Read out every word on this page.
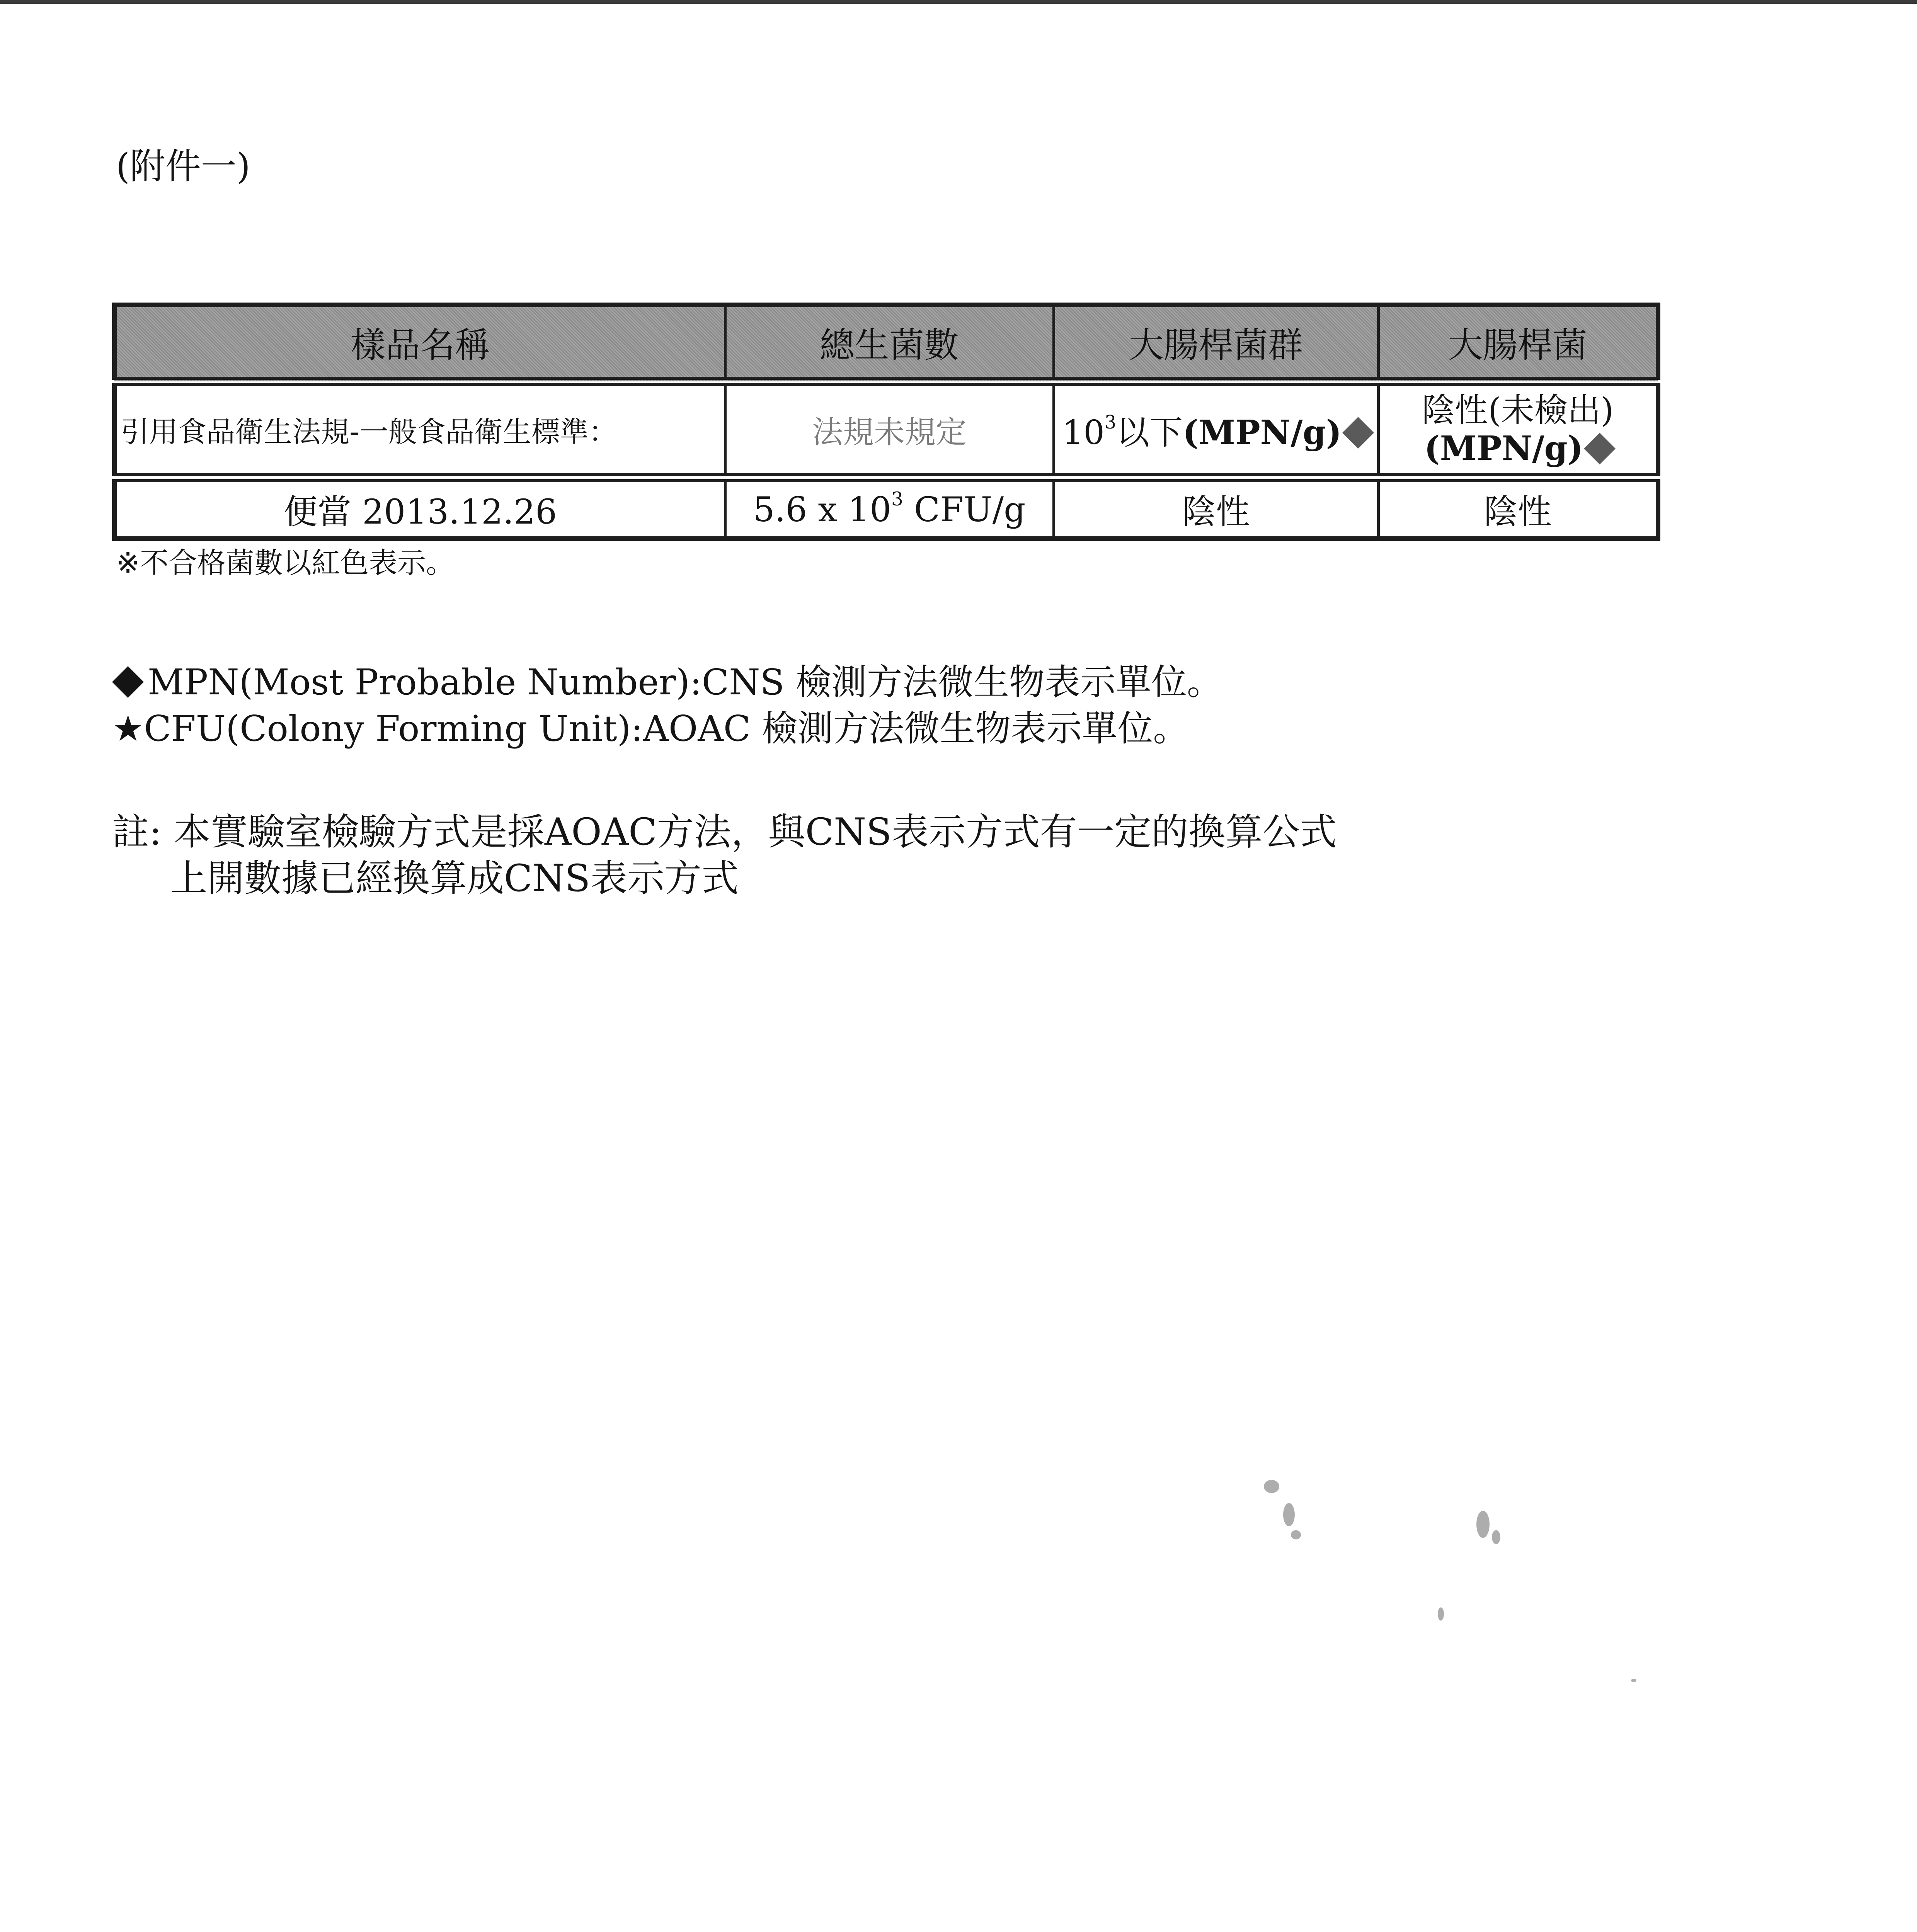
(附件一)
樣品名稱	總生菌數	大腸桿菌群	大腸桿菌
引用食品衛生法規-一般食品衛生標準：	法規未規定	$10^3$以下(MPN/g)	陰性(未檢出)
(MPN/g)

便當 2013.12.26	5.6 x $10^3$ CFU/g	陰性	陰性
※不合格菌數以紅色表示。
MPN(Most Probable Number):CNS 檢測方法微生物表示單位。
★CFU(Colony Forming Unit):AOAC 檢測方法微生物表示單位。
註: 本實驗室檢驗方式是採AOAC方法，與CNS表示方式有一定的換算公式
上開數據已經換算成CNS表示方式
